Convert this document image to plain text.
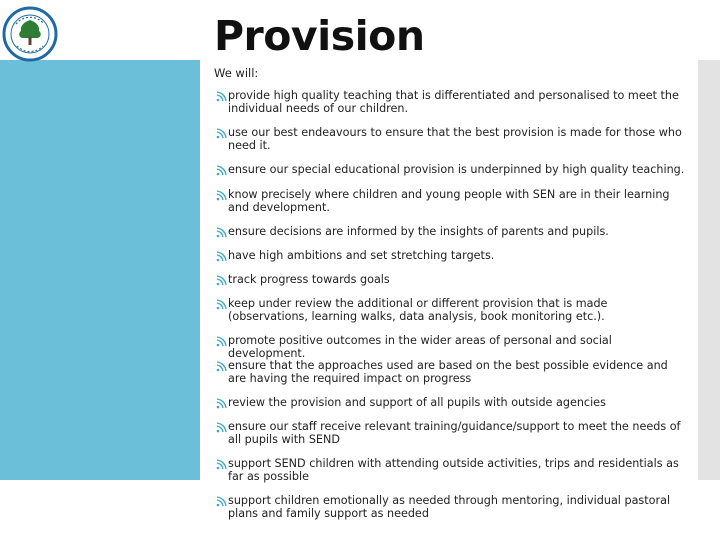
Provision
We will:
provide high quality teaching that is differentiated and personalised to meet the individual needs of our children.
use our best endeavours to ensure that the best provision is made for those who need it.
ensure our special educational provision is underpinned by high quality teaching.
know precisely where children and young people with SEN are in their learning and development.
ensure decisions are informed by the insights of parents and pupils.
have high ambitions and set stretching targets.
track progress towards goals
keep under review the additional or different provision that is made (observations, learning walks, data analysis, book monitoring etc.).
promote positive outcomes in the wider areas of personal and social development.
ensure that the approaches used are based on the best possible evidence and are having the required impact on progress
review the provision and support of all pupils with outside agencies
ensure our staff receive relevant training/guidance/support to meet the needs of all pupils with SEND
support SEND children with attending outside activities, trips and residentials as far as possible
support children emotionally as needed through mentoring, individual pastoral plans and family support as needed
